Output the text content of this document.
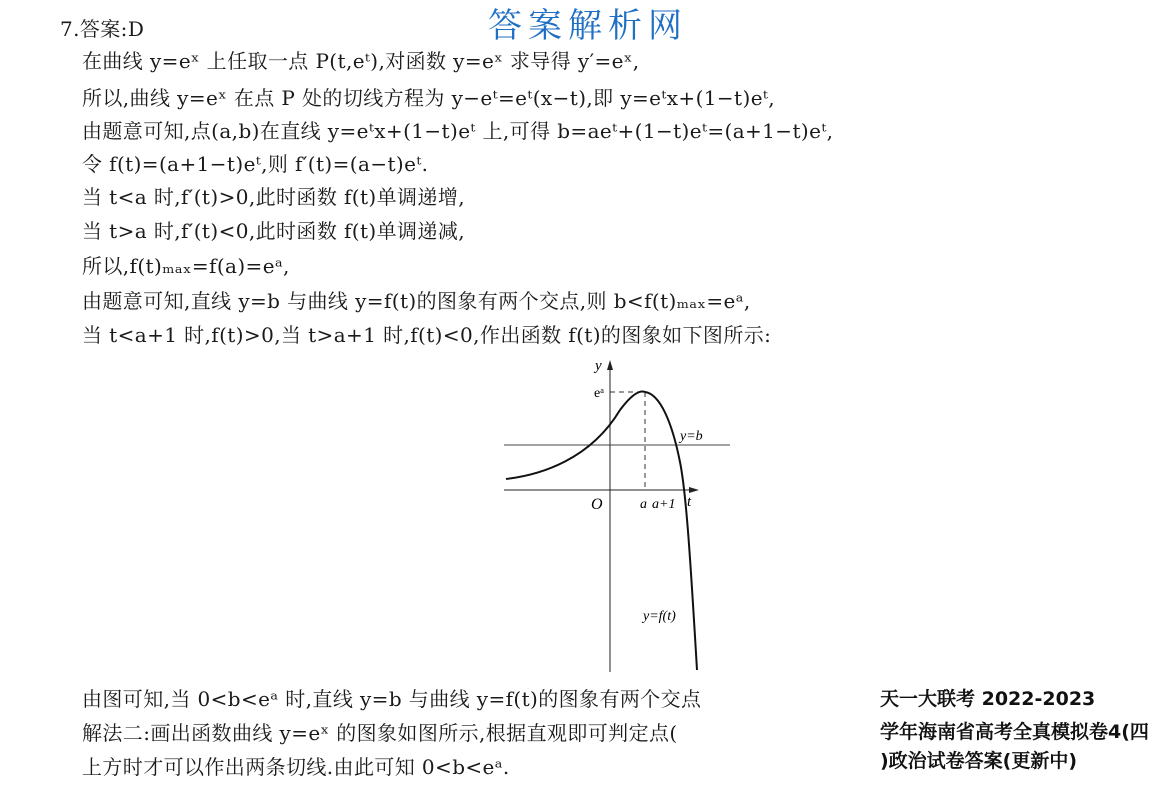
答案解析网
7.答案:D
在曲线 y=eˣ 上任取一点 P(t,eᵗ),对函数 y=eˣ 求导得 y′=eˣ,
所以,曲线 y=eˣ 在点 P 处的切线方程为 y−eᵗ=eᵗ(x−t),即 y=eᵗx+(1−t)eᵗ,
由题意可知,点(a,b)在直线 y=eᵗx+(1−t)eᵗ 上,可得 b=aeᵗ+(1−t)eᵗ=(a+1−t)eᵗ,
令 f(t)=(a+1−t)eᵗ,则 f′(t)=(a−t)eᵗ.
当 t<a 时,f′(t)>0,此时函数 f(t)单调递增,
当 t>a 时,f′(t)<0,此时函数 f(t)单调递减,
所以,f(t)ₘₐₓ=f(a)=eᵃ,
由题意可知,直线 y=b 与曲线 y=f(t)的图象有两个交点,则 b<f(t)ₘₐₓ=eᵃ,
当 t<a+1 时,f(t)>0,当 t>a+1 时,f(t)<0,作出函数 f(t)的图象如下图所示:
y
t
O
eᵃ
a a+1
y=b
y=f(t)
由图可知,当 0<b<eᵃ 时,直线 y=b 与曲线 y=f(t)的图象有两个交点
解法二:画出函数曲线 y=eˣ 的图象如图所示,根据直观即可判定点(
上方时才可以作出两条切线.由此可知 0<b<eᵃ.
天一大联考 2022-2023
学年海南省高考全真模拟卷4(四
)政治试卷答案(更新中)
